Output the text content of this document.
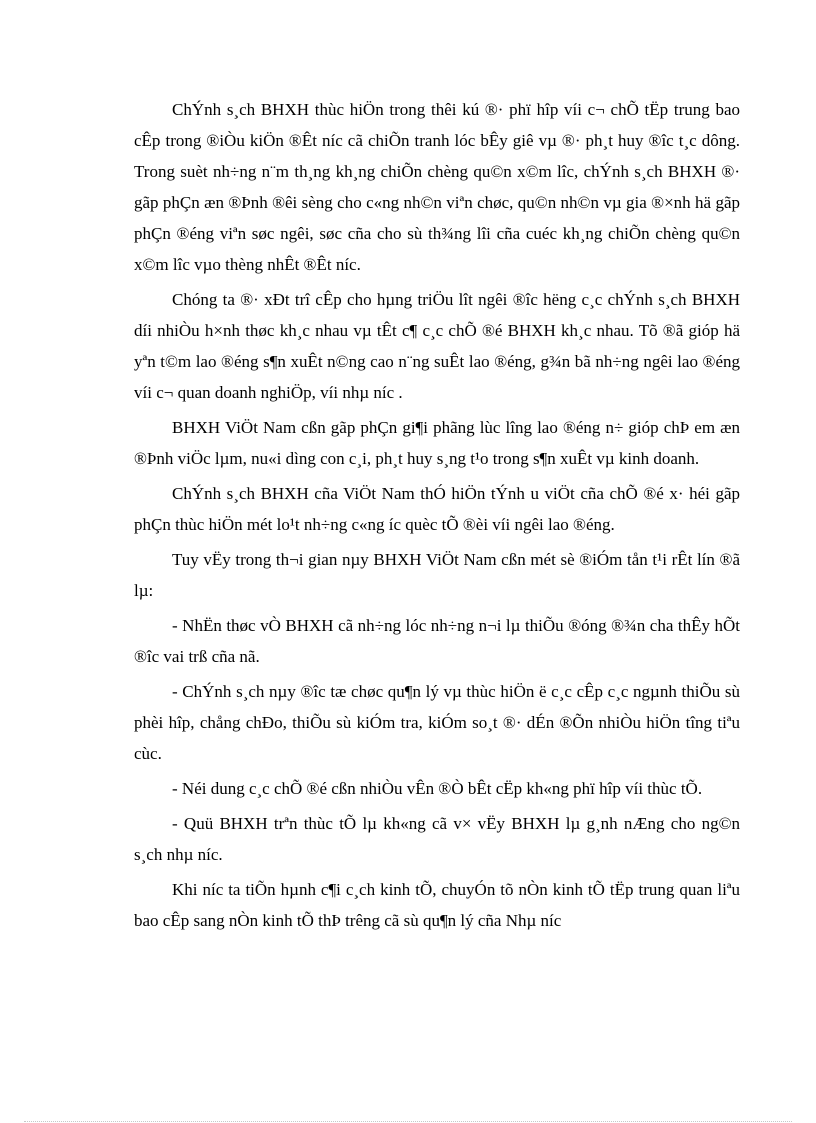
ChÝnh s¸ch BHXH thùc hiÖn trong thêi kú ®· phï hîp víi c¬ chÕ tËp trung bao cÊp trong ®iÒu kiÖn ®Êt níc cã chiÕn tranh lóc bÊy giê vµ ®· ph¸t huy ®îc t¸c dông. Trong suèt nh÷ng n¨m th¸ng kh¸ng chiÕn chèng qu©n x©m lîc, chÝnh s¸ch BHXH ®· gãp phÇn æn ®Þnh ®êi sèng cho c«ng nh©n viªn chøc, qu©n nh©n vµ gia ®×nh hä gãp phÇn ®éng viªn søc ngêi, søc cña cho sù th¾ng lîi cña cuéc kh¸ng chiÕn chèng qu©n x©m lîc vµo thèng nhÊt ®Êt níc.

Chóng ta ®· xÐt trî cÊp cho hµng triÖu lît ngêi ®îc hëng c¸c chÝnh s¸ch BHXH díi nhiÒu h×nh thøc kh¸c nhau vµ tÊt c¶ c¸c chÕ ®é BHXH kh¸c nhau. Tõ ®ã gióp hä yªn t©m lao ®éng s¶n xuÊt n©ng cao n¨ng suÊt lao ®éng, g¾n bã nh÷ng ngêi lao ®éng víi c¬ quan doanh nghiÖp, víi nhµ níc .

BHXH ViÖt Nam cßn gãp phÇn gi¶i phãng lùc lîng lao ®éng n÷ gióp chÞ em æn ®Þnh viÖc lµm, nu«i dìng con c¸i, ph¸t huy s¸ng t¹o trong s¶n xuÊt vµ kinh doanh.

ChÝnh s¸ch BHXH cña ViÖt Nam thÓ hiÖn tÝnh u viÖt cña chÕ ®é x· héi gãp phÇn thùc hiÖn mét lo¹t nh÷ng c«ng íc quèc tÕ ®èi víi ngêi lao ®éng.

Tuy vËy trong th¬i gian nµy BHXH ViÖt Nam cßn mét sè ®iÓm tån t¹i rÊt lín ®ã lµ:

- NhËn thøc vÒ BHXH cã nh÷ng lóc nh÷ng n¬i lµ thiÕu ®óng ®¾n cha thÊy hÕt ®îc vai trß cña nã.

- ChÝnh s¸ch nµy ®îc tæ chøc qu¶n lý vµ thùc hiÖn ë c¸c cÊp c¸c ngµnh thiÕu sù phèi hîp, chång chÐo, thiÕu sù kiÓm tra, kiÓm so¸t ®· dÉn ®Õn nhiÒu hiÖn tîng tiªu cùc.

- Néi dung c¸c chÕ ®é cßn nhiÒu vÊn ®Ò bÊt cËp kh«ng phï hîp víi thùc tÕ.

- Quü BHXH trªn thùc tÕ lµ kh«ng cã v× vËy BHXH lµ g¸nh nÆng cho ng©n s¸ch nhµ níc.

Khi níc ta tiÕn hµnh c¶i c¸ch kinh tÕ, chuyÓn tõ nÒn kinh tÕ tËp trung quan liªu bao cÊp sang nÒn kinh tÕ thÞ trêng cã sù qu¶n lý cña Nhµ níc
